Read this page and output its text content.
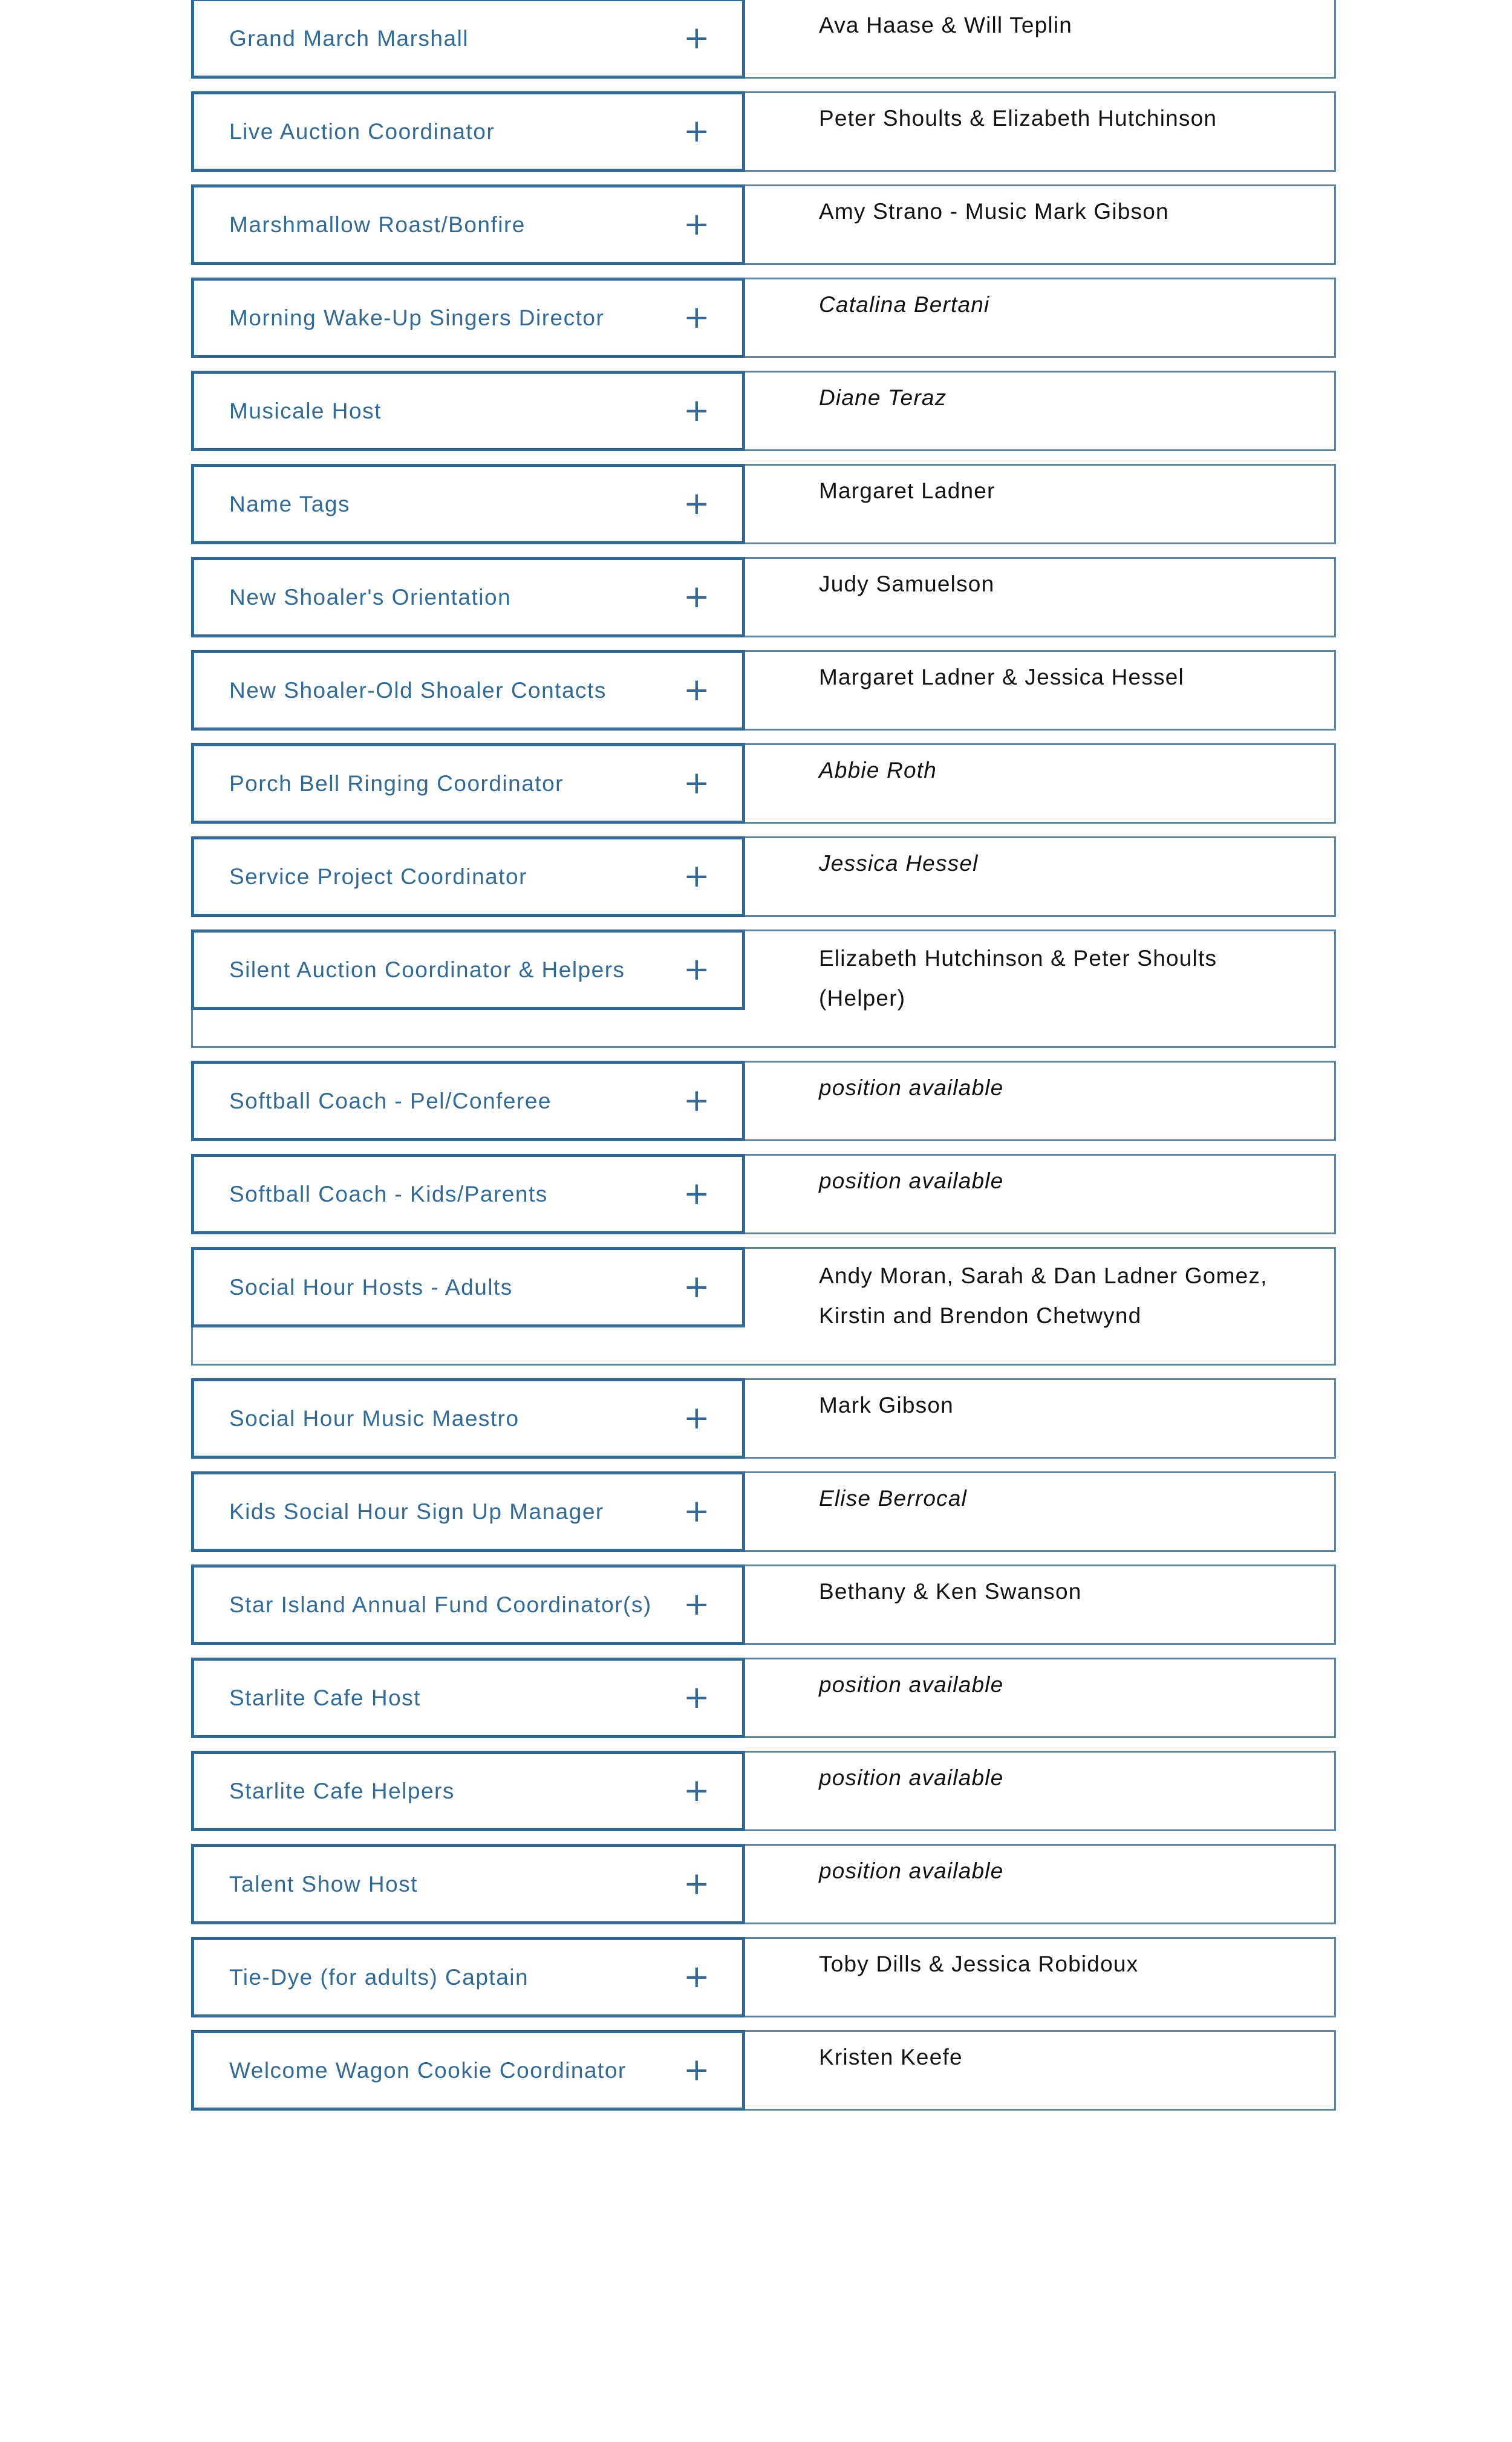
Grand March Marshall	+	Ava Haase & Will Teplin
Live Auction Coordinator	+	Peter Shoults & Elizabeth Hutchinson
Marshmallow Roast/Bonfire	+	Amy Strano - Music Mark Gibson
Morning Wake-Up Singers Director	+	Catalina Bertani
Musicale Host	+	Diane Teraz
Name Tags	+	Margaret Ladner
New Shoaler's Orientation	+	Judy Samuelson
New Shoaler-Old Shoaler Contacts +	Margaret Ladner & Jessica Hessel
Porch Bell Ringing Coordinator	+	Abbie Roth
Service Project Coordinator	+	Jessica Hessel
Silent Auction Coordinator & Helpers +	Elizabeth Hutchinson & Peter Shoults (Helper)
Softball Coach - Pel/Conferee	+	position available
Softball Coach - Kids/Parents	+	position available
Social Hour Hosts - Adults	+	Andy Moran, Sarah & Dan Ladner Gomez, Kirstin and Brendon Chetwynd
Social Hour Music Maestro	+	Mark Gibson
Kids Social Hour Sign Up Manager	+	Elise Berrocal
Star Island Annual Fund Coordinator(s) +	Bethany & Ken Swanson
Starlite Cafe Host	+	position available
Starlite Cafe Helpers	+	position available
Talent Show Host	+	position available
Tie-Dye (for adults) Captain	+	Toby Dills & Jessica Robidoux
Welcome Wagon Cookie Coordinator +	Kristen Keefe
